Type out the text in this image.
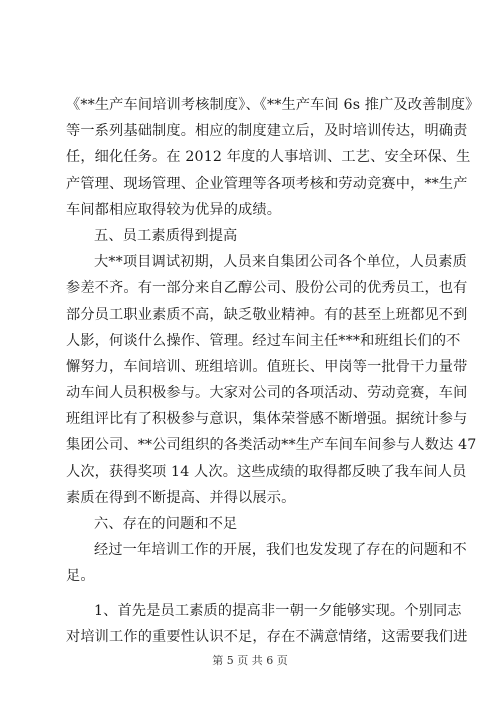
《**生产车间培训考核制度》、《**生产车间 6s 推广及改善制度》
等一系列基础制度。相应的制度建立后，及时培训传达，明确责
任，细化任务。在 2012 年度的人事培训、工艺、安全环保、生
产管理、现场管理、企业管理等各项考核和劳动竞赛中，**生产
车间都相应取得较为优异的成绩。
五、员工素质得到提高
大**项目调试初期，人员来自集团公司各个单位，人员素质
参差不齐。有一部分来自乙醇公司、股份公司的优秀员工，也有
部分员工职业素质不高，缺乏敬业精神。有的甚至上班都见不到
人影，何谈什么操作、管理。经过车间主任***和班组长们的不
懈努力，车间培训、班组培训。值班长、甲岗等一批骨干力量带
动车间人员积极参与。大家对公司的各项活动、劳动竞赛，车间
班组评比有了积极参与意识，集体荣誉感不断增强。据统计参与
集团公司、**公司组织的各类活动**生产车间车间参与人数达 47
人次，获得奖项 14 人次。这些成绩的取得都反映了我车间人员
素质在得到不断提高、并得以展示。
六、存在的问题和不足
经过一年培训工作的开展，我们也发发现了存在的问题和不
足。
1、首先是员工素质的提高非一朝一夕能够实现。个别同志
对培训工作的重要性认识不足，存在不满意情绪，这需要我们进
第 5 页 共 6 页
